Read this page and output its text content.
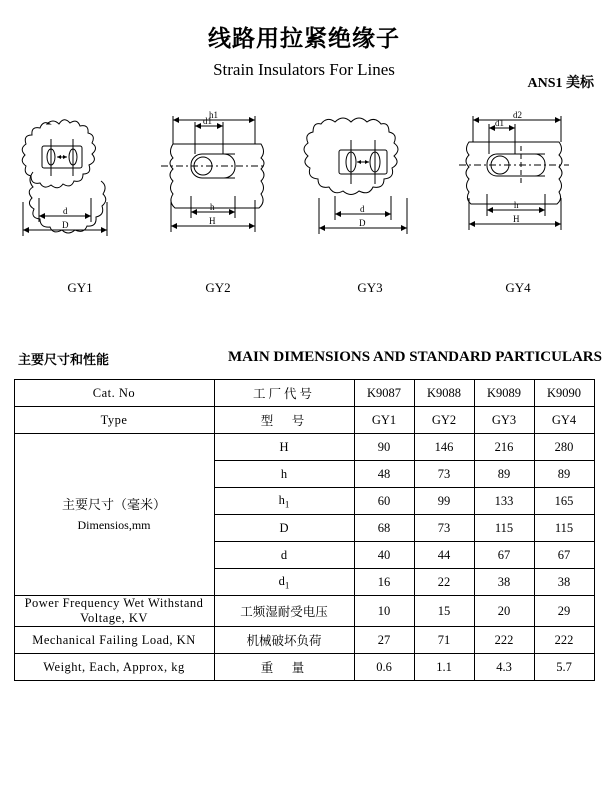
线路用拉紧绝缘子
Strain Insulators For Lines
ANS1 美标
d
D
GY1
d1
h1
h
H
GY2
d
D
GY3
d1
d2
h
H
GY4
主要尺寸和性能	MAIN DIMENSIONS AND STANDARD PARTICULARS
Cat. No	工厂代号	K9087	K9088	K9089	K9090
Type	型　号	GY1	GY2	GY3	GY4

主要尺寸（毫米）
Dimensios,mm	H	90	146	216	280
	h	48	73	89	89
	$h_1$	60	99	133	165
	D	68	73	115	115
	d	40	44	67	67
	$d_1$	16	22	38	38
Power Frequency Wet Withstand Voltage, KV	工频湿耐受电压	10	15	20	29
Mechanical Failing Load, KN	机械破坏负荷	27	71	222	222
Weight, Each, Approx, kg	重　量	0.6	1.1	4.3	5.7
